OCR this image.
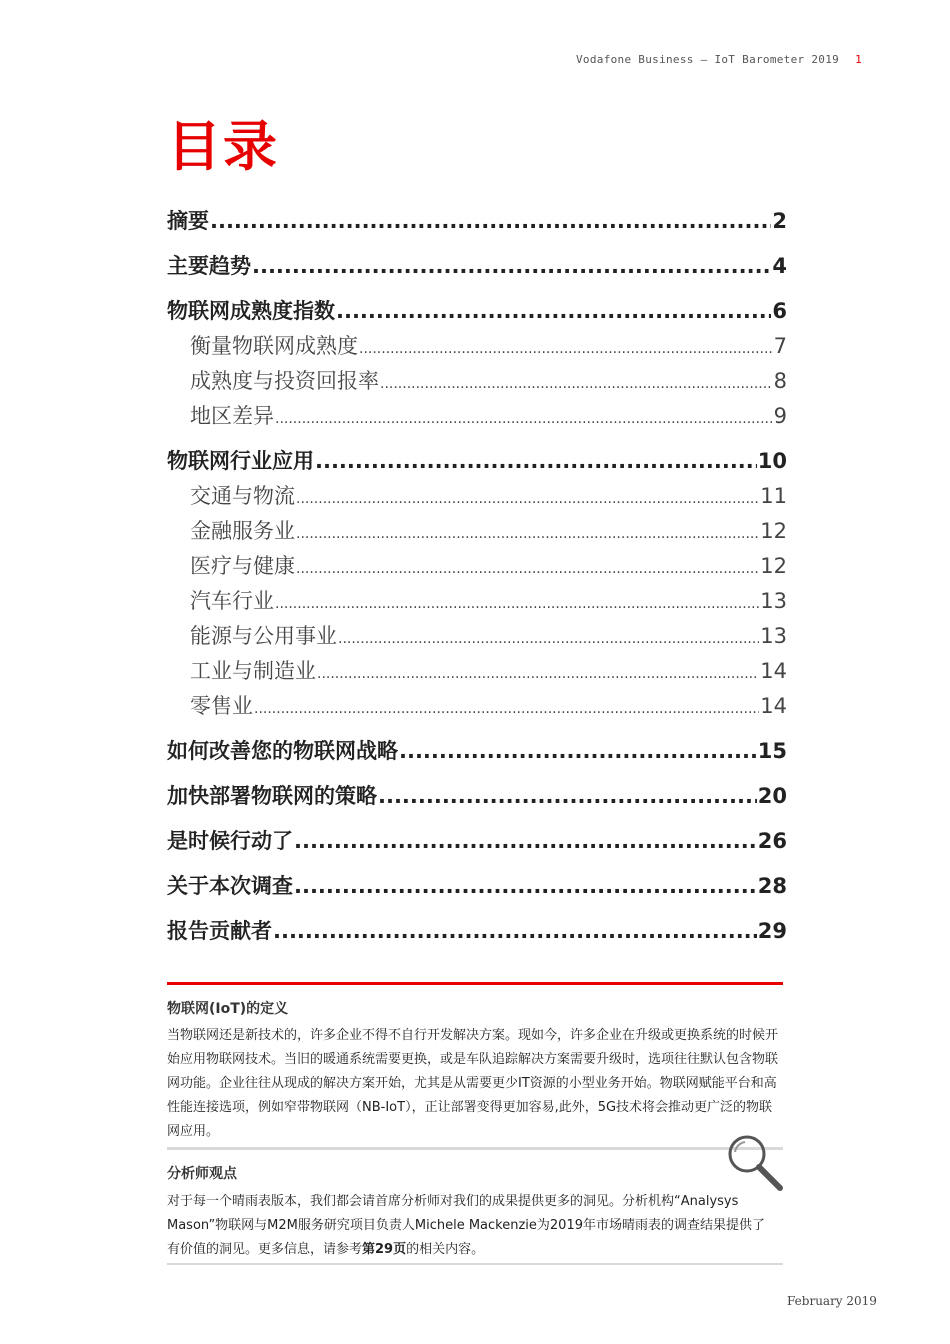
Vodafone Business – IoT Barometer 2019 1
目录
摘要 .....	2
主要趋势 .....	4
物联网成熟度指数 .....	6
衡量物联网成熟度 .....	7
成熟度与投资回报率 .....	8
地区差异 .....	9
物联网行业应用 .....	10
交通与物流 .....	11
金融服务业 .....	12
医疗与健康 .....	12
汽车行业 .....	13
能源与公用事业 .....	13
工业与制造业 .....	14
零售业 .....	14
如何改善您的物联网战略 .....	15
加快部署物联网的策略 .....	20
是时候行动了 .....	26
关于本次调查 .....	28
报告贡献者 .....	29
物联网(IoT)的定义
当物联网还是新技术的，许多企业不得不自行开发解决方案。现如今，许多企业在升级或更换系统的时候开始应用物联网技术。当旧的暖通系统需要更换，或是车队追踪解决方案需要升级时，选项往往默认包含物联网功能。企业往往从现成的解决方案开始，尤其是从需要更少IT资源的小型业务开始。物联网赋能平台和高性能连接选项，例如窄带物联网（NB-IoT），正让部署变得更加容易,此外，5G技术将会推动更广泛的物联网应用。
分析师观点
对于每一个晴雨表版本，我们都会请首席分析师对我们的成果提供更多的洞见。分析机构“Analysys Mason”物联网与M2M服务研究项目负责人Michele Mackenzie为2019年市场晴雨表的调查结果提供了有价值的洞见。更多信息，请参考第29页的相关内容。
February 2019
